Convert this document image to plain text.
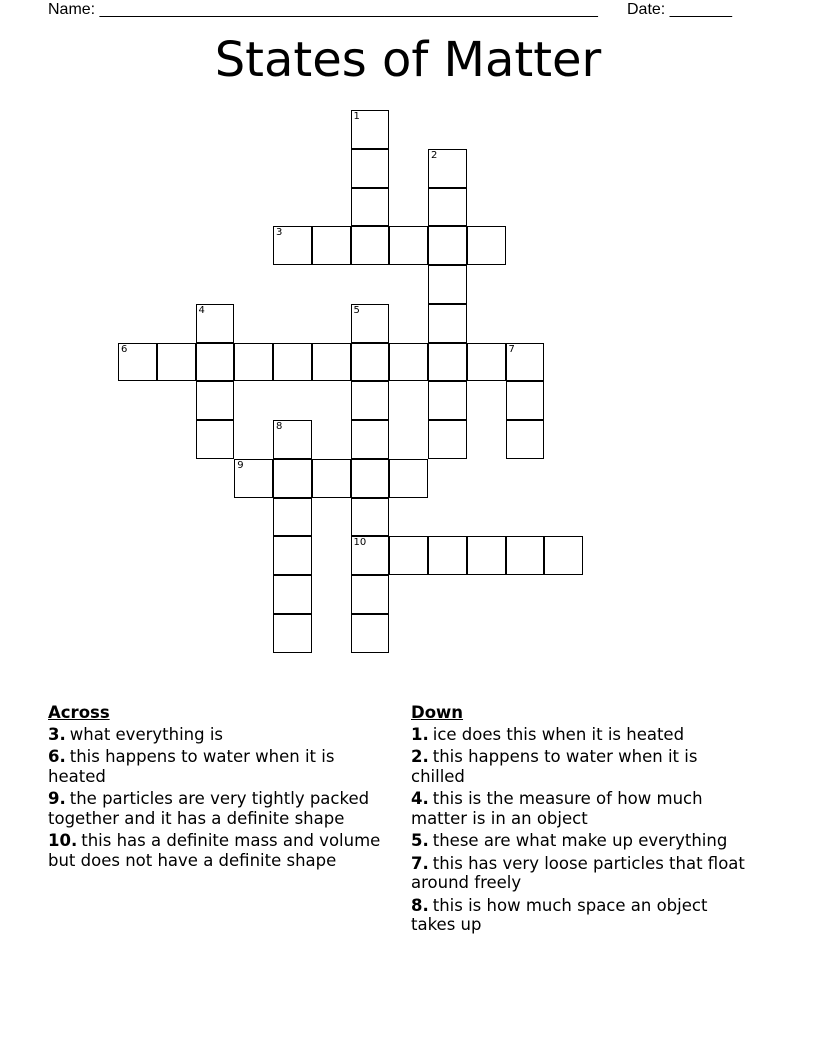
Name: ________________________________________________________ Date: _______
States of Matter
1
2
3
4	5
10
6	7
8
9
Across
3. what everything is
6. this happens to water when it is heated
9. the particles are very tightly packed together and it has a definite shape
10. this has a definite mass and volume but does not have a definite shape
Down
1. ice does this when it is heated
2. this happens to water when it is chilled
4. this is the measure of how much matter is in an object
5. these are what make up everything
7. this has very loose particles that float around freely
8. this is how much space an object takes up
